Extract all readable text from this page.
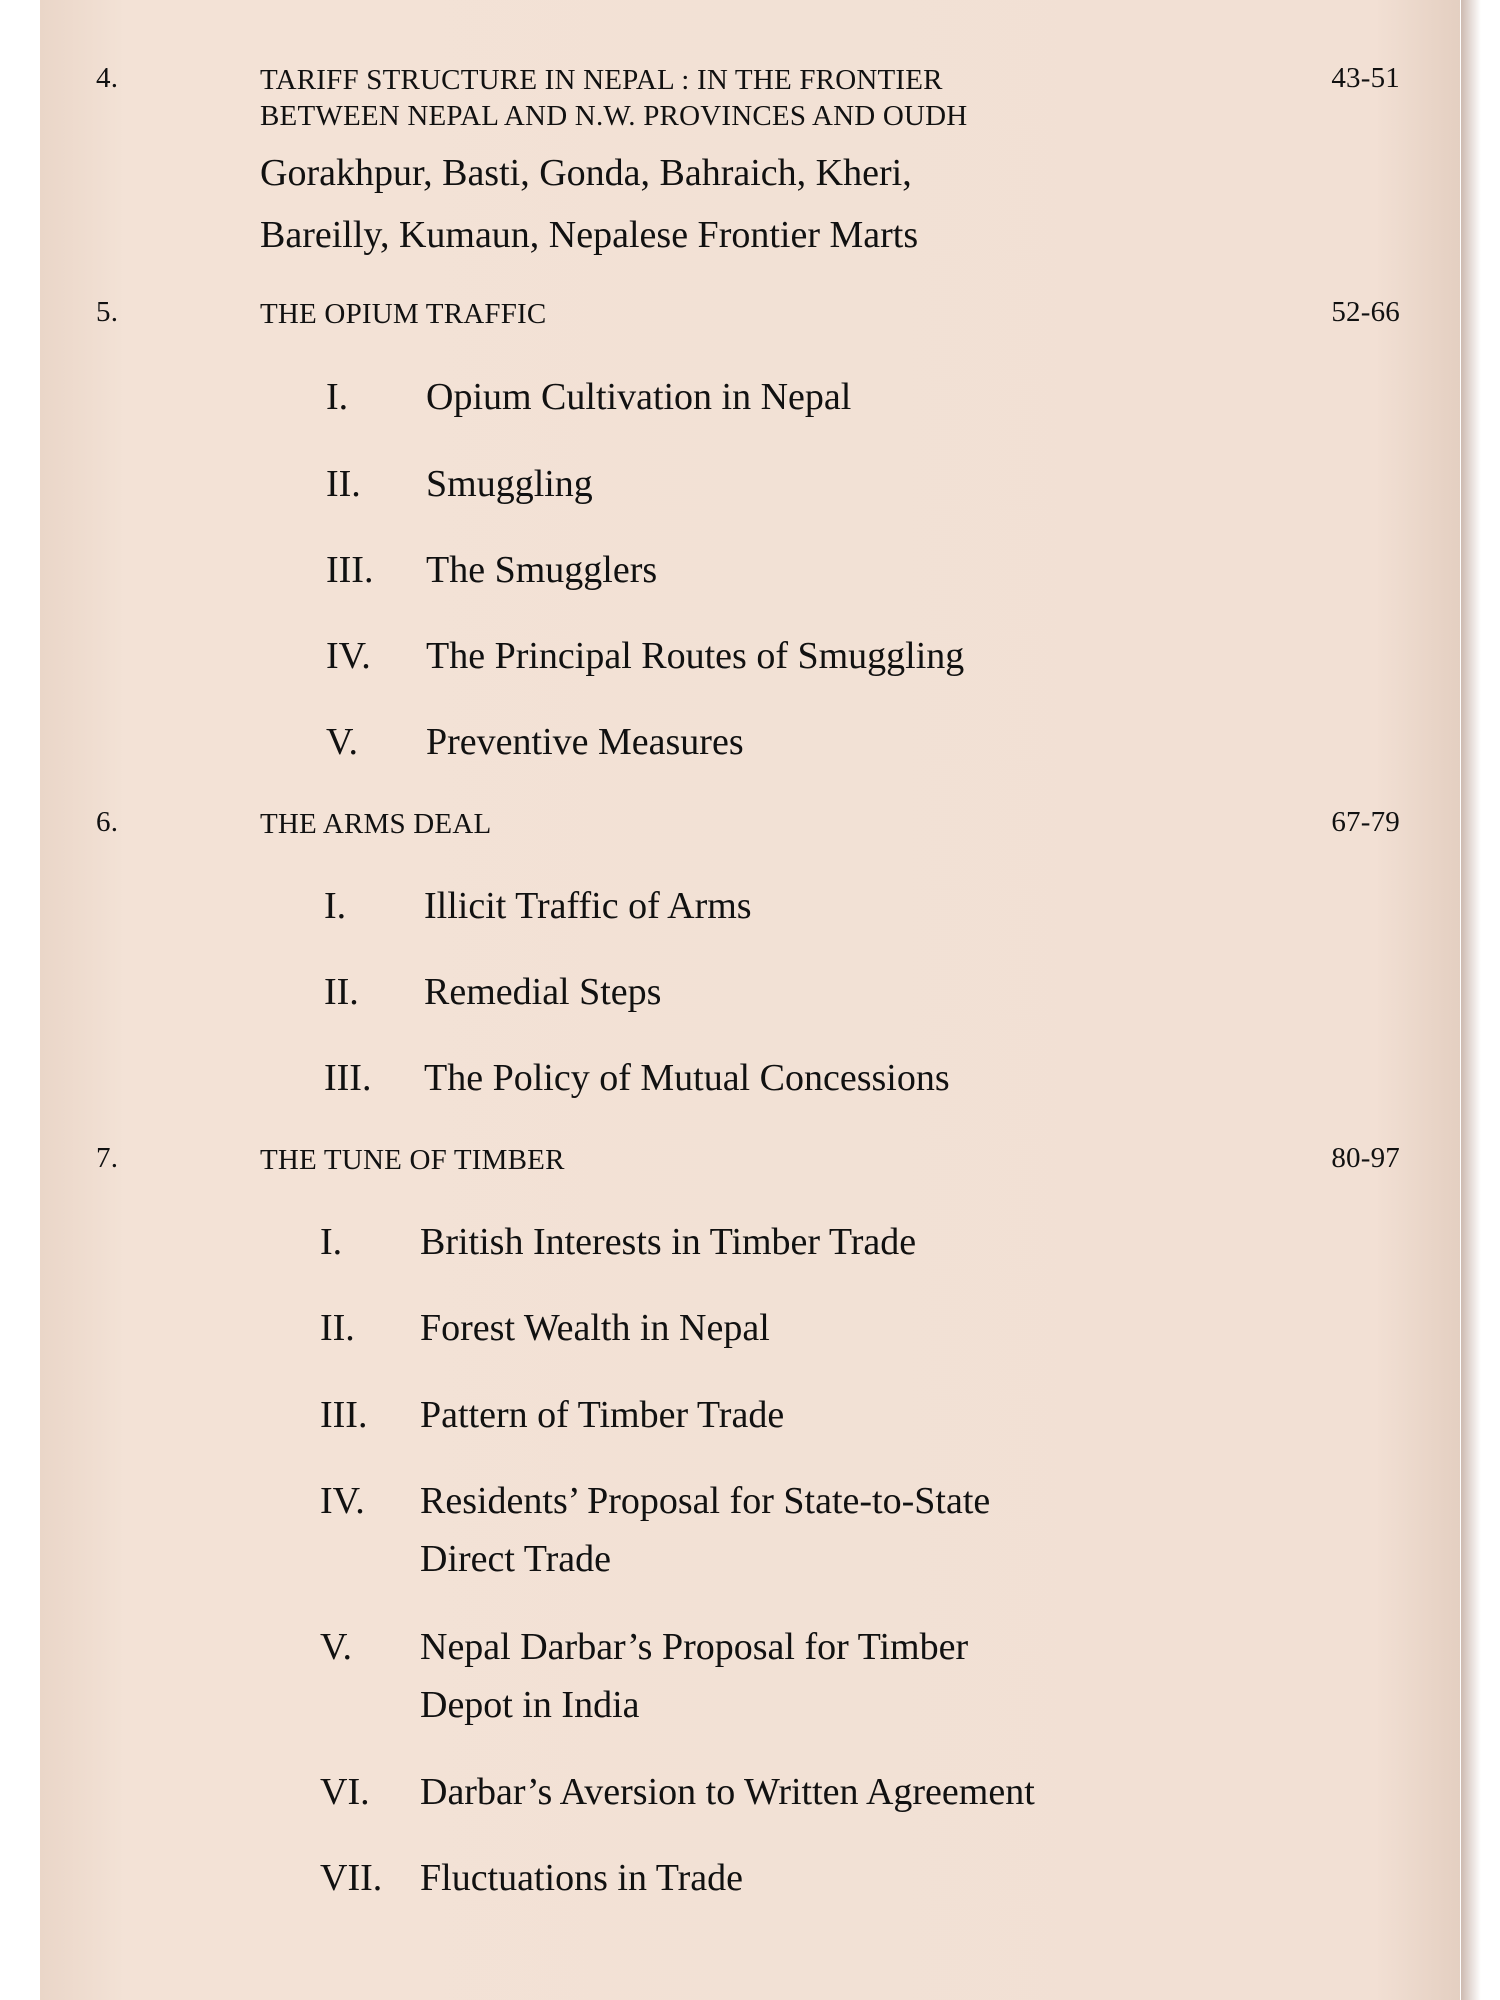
4.	TARIFF STRUCTURE IN NEPAL : IN THE FRONTIER
BETWEEN NEPAL AND N.W. PROVINCES AND OUDH
43-51
Gorakhpur, Basti, Gonda, Bahraich, Kheri,
Bareilly, Kumaun, Nepalese Frontier Marts
5.	THE OPIUM TRAFFIC	52-66
I. Opium Cultivation in Nepal
II. Smuggling
III. The Smugglers
IV. The Principal Routes of Smuggling
V. Preventive Measures
6.	THE ARMS DEAL	67-79
I. Illicit Traffic of Arms
II. Remedial Steps
III. The Policy of Mutual Concessions
7.	THE TUNE OF TIMBER	80-97
I. British Interests in Timber Trade
II. Forest Wealth in Nepal
III. Pattern of Timber Trade
IV. Residents’ Proposal for State-to-State
Direct Trade
V. Nepal Darbar’s Proposal for Timber
Depot in India
VI. Darbar’s Aversion to Written Agreement
VII. Fluctuations in Trade
